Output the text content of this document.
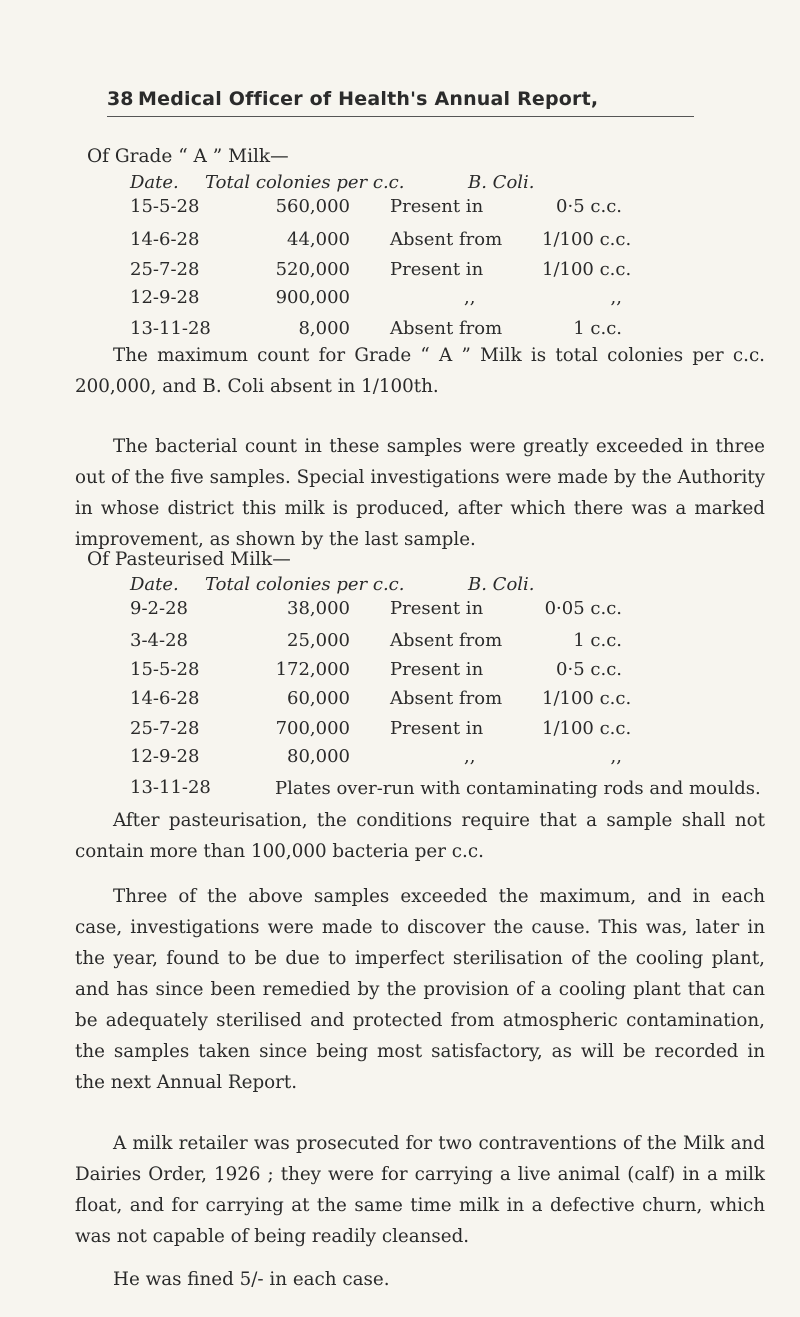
38 Medical Officer of Health's Annual Report,
Of Grade “ A ” Milk—
Date. Total colonies per c.c.	B. Coli.
15-5-28	560,000 Present in	0·5 c.c.
14-6-28	44,000 Absent from 1/100 c.c.
25-7-28	520,000 Present in	1/100 c.c.
12-9-28	900,000	,,	,,
13-11-28	8,000 Absent from	1 c.c.

The maximum count for Grade “ A ” Milk is total colonies per c.c. 200,000, and B. Coli absent in 1/100th.

The bacterial count in these samples were greatly exceeded in three out of the five samples. Special investigations were made by the Authority in whose district this milk is produced, after which there was a marked improvement, as shown by the last sample.

Of Pasteurised Milk—
Date. Total colonies per c.c.	B. Coli.
9-2-28	38,000 Present in	0·05 c.c.
3-4-28	25,000 Absent from	1 c.c.
15-5-28	172,000 Present in	0·5 c.c.
14-6-28	60,000 Absent from 1/100 c.c.
25-7-28	700,000 Present in	1/100 c.c.
12-9-28	80,000	,,	,,
13-11-28	Plates over-run with contaminating rods and moulds.

After pasteurisation, the conditions require that a sample shall not contain more than 100,000 bacteria per c.c.

Three of the above samples exceeded the maximum, and in each case, investigations were made to discover the cause. This was, later in the year, found to be due to imperfect sterilisation of the cooling plant, and has since been remedied by the provision of a cooling plant that can be adequately sterilised and protected from atmospheric contamination, the samples taken since being most satisfactory, as will be recorded in the next Annual Report.

A milk retailer was prosecuted for two contraventions of the Milk and Dairies Order, 1926 ; they were for carrying a live animal (calf) in a milk float, and for carrying at the same time milk in a defective churn, which was not capable of being readily cleansed.

He was fined 5/- in each case.
